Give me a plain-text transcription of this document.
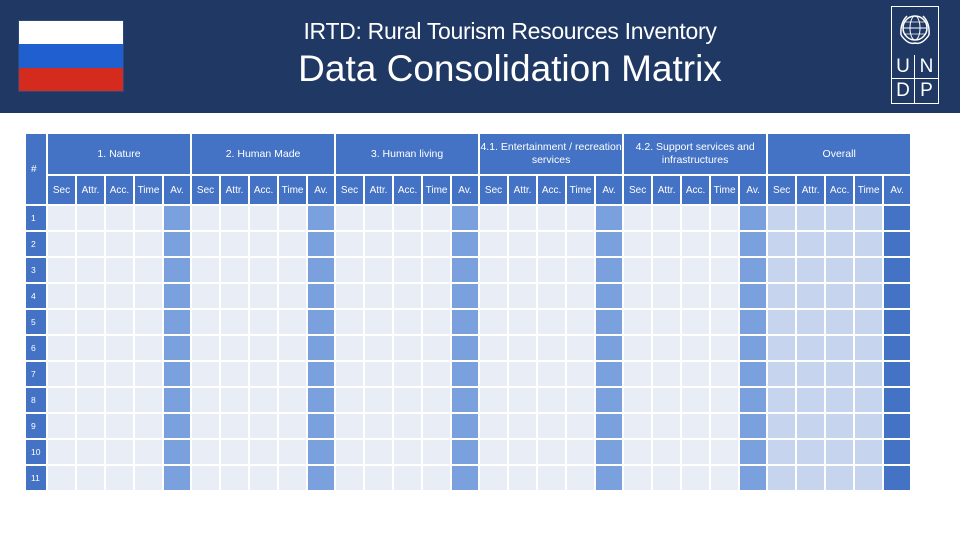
IRTD: Rural Tourism Resources Inventory
Data Consolidation Matrix	U N
D P
#	1. Nature					2. Human Made					3. Human living					4.1. Entertainment / recreation services					4.2. Support services and infrastructures					Overall				
	Sec	Attr.	Acc.	Time	Av.	Sec	Attr.	Acc.	Time	Av.	Sec	Attr.	Acc.	Time	Av.	Sec	Attr.	Acc.	Time	Av.	Sec	Attr.	Acc.	Time	Av.	Sec	Attr.	Acc.	Time	Av.
1																														
2																														
3																														
4																														
5																														
6																														
7																														
8																														
9																														
10																														
11																														
